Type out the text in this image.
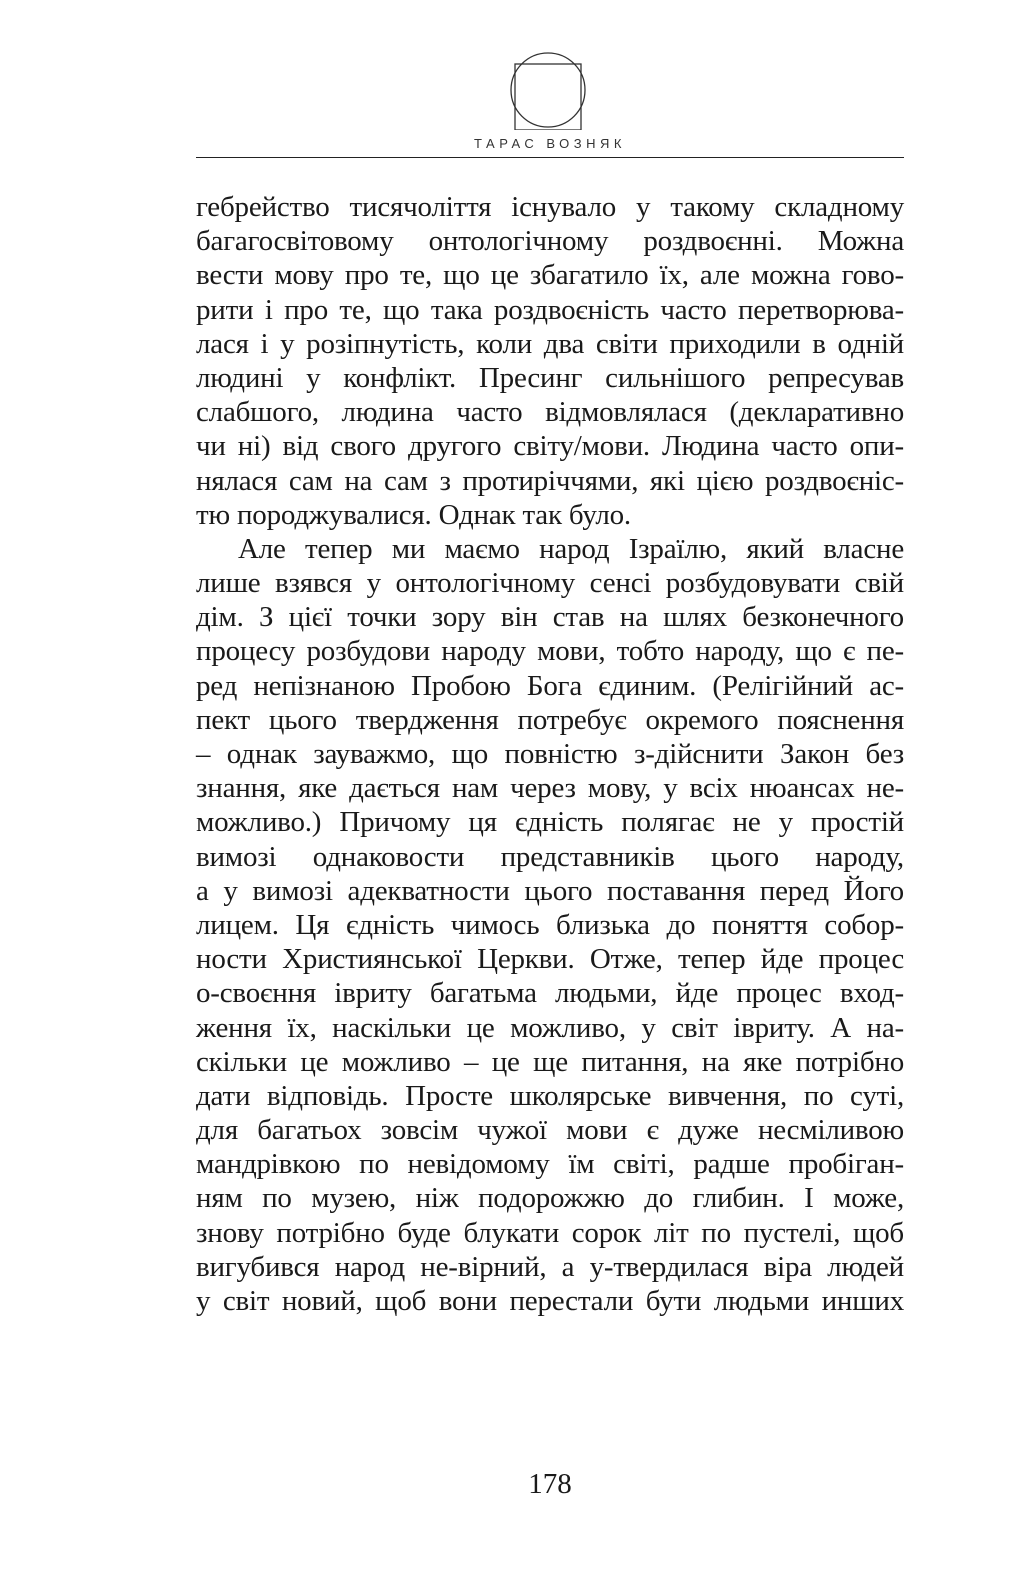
ТАРАС ВОЗНЯК
гебрейство тисячоліття існувало у такому складному
багагосвітовому онтологічному роздвоєнні. Можна
вести мову про те, що це збагатило їх, але можна гово-
рити і про те, що така роздвоєність часто перетворюва-
лася і у розіпнутість, коли два світи приходили в одній
людині у конфлікт. Пресинг сильнішого репресував
слабшого, людина часто відмовлялася (декларативно
чи ні) від свого другого світу/мови. Людина часто опи-
нялася сам на сам з протиріччями, які цією роздвоєніс-
тю породжувалися. Однак так було.
Але тепер ми маємо народ Ізраїлю, який власне
лише взявся у онтологічному сенсі розбудовувати свій
дім. З цієї точки зору він став на шлях безконечного
процесу розбудови народу мови, тобто народу, що є пе-
ред непізнаною Пробою Бога єдиним. (Релігійний ас-
пект цього твердження потребує окремого пояснення
– однак зауважмо, що повністю з-дійснити Закон без
знання, яке дається нам через мову, у всіх нюансах не-
можливо.) Причому ця єдність полягає не у простій
вимозі однаковости представників цього народу,
а у вимозі адекватности цього поставання перед Його
лицем. Ця єдність чимось близька до поняття собор-
ности Християнської Церкви. Отже, тепер йде процес
о-своєння івриту багатьма людьми, йде процес вход-
ження їх, наскільки це можливо, у світ івриту. А на-
скільки це можливо – це ще питання, на яке потрібно
дати відповідь. Просте школярське вивчення, по суті,
для багатьох зовсім чужої мови є дуже несміливою
мандрівкою по невідомому їм світі, радше пробіган-
ням по музею, ніж подорожжю до глибин. І може,
знову потрібно буде блукати сорок літ по пустелі, щоб
вигубився народ не-вірний, а у-твердилася віра людей
у світ новий, щоб вони перестали бути людьми инших
178
